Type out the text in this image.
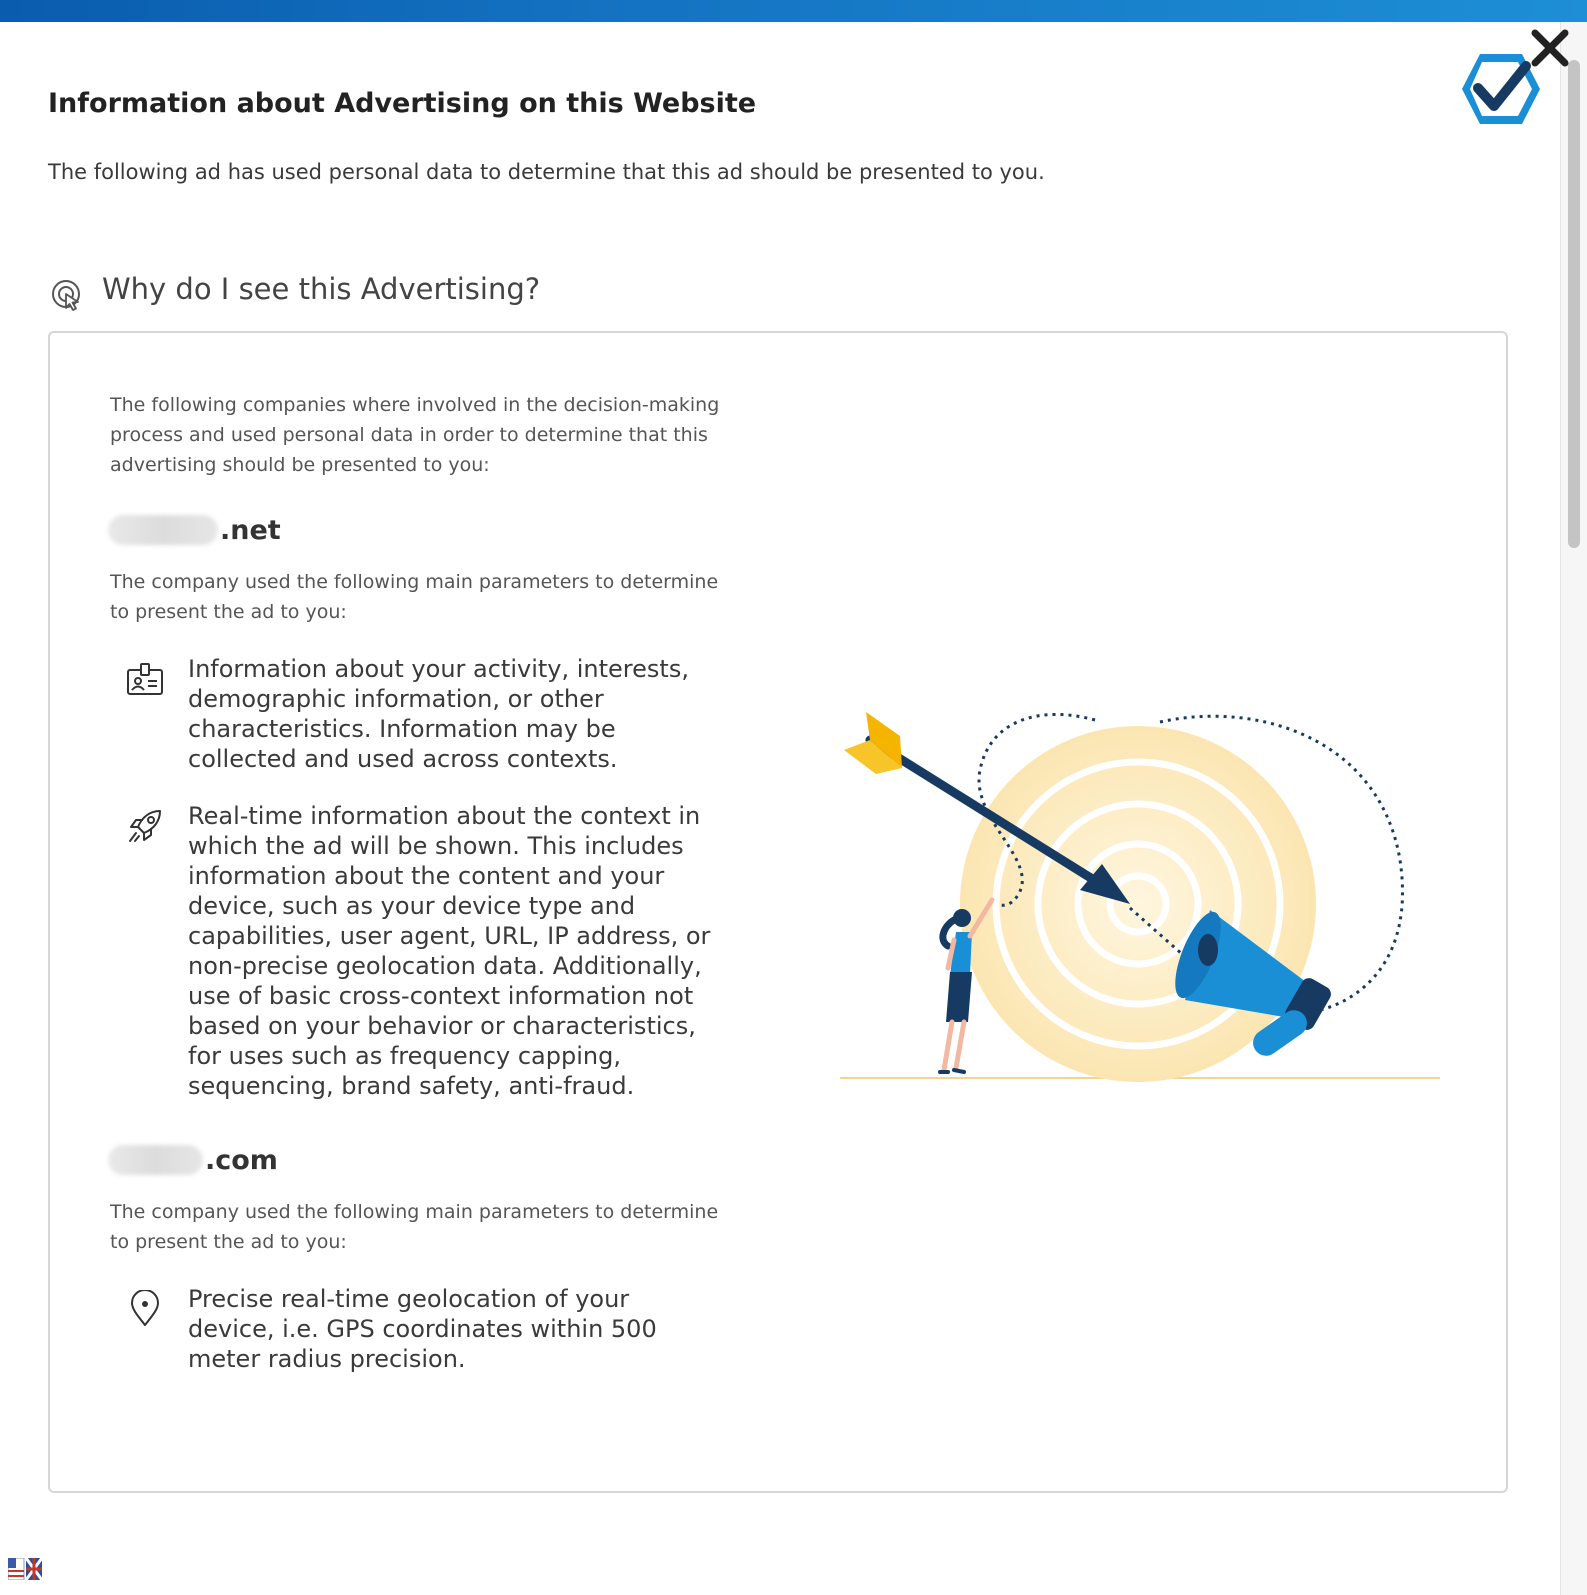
Information about Advertising on this Website

The following ad has used personal data to determine that this ad should be presented to you.

Why do I see this Advertising?

The following companies where involved in the decision-making process and used personal data in order to determine that this advertising should be presented to you:

.net

The company used the following main parameters to determine to present the ad to you:

Information about your activity, interests, demographic information, or other characteristics. Information may be collected and used across contexts.
Real-time information about the context in which the ad will be shown. This includes information about the content and your device, such as your device type and capabilities, user agent, URL, IP address, or non-precise geolocation data. Additionally, use of basic cross-context information not based on your behavior or characteristics, for uses such as frequency capping, sequencing, brand safety, anti-fraud.
.com

The company used the following main parameters to determine to present the ad to you:

Precise real-time geolocation of your device, i.e. GPS coordinates within 500 meter radius precision.
